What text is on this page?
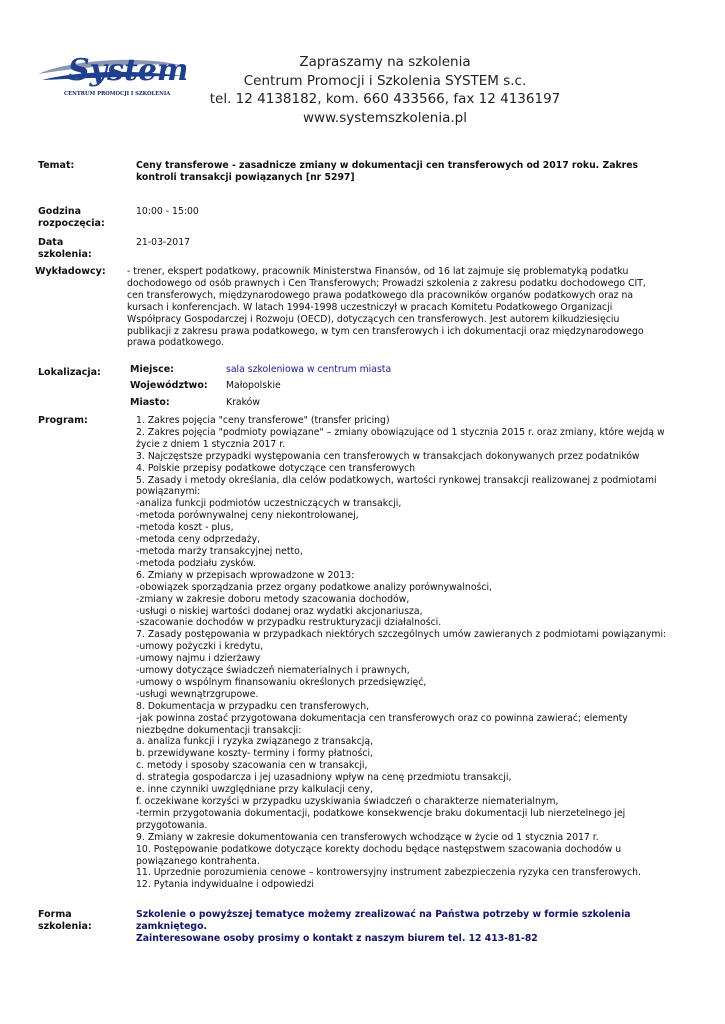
System
CENTRUM PROMOCJI I SZKOLENIA
Zapraszamy na szkolenia
Centrum Promocji i Szkolenia SYSTEM s.c.
tel. 12 4138182, kom. 660 433566, fax 12 4136197
www.systemszkolenia.pl
Temat:	Ceny transferowe - zasadnicze zmiany w dokumentacji cen transferowych od 2017 roku. Zakres
kontroli transakcji powiązanych [nr 5297]
Godzina
rozpoczęcia:
10:00 - 15:00
Data
szkolenia:
21-03-2017
Wykładowcy: - trener, ekspert podatkowy, pracownik Ministerstwa Finansów, od 16 lat zajmuje się problematyką podatku
dochodowego od osób prawnych i Cen Transferowych; Prowadzi szkolenia z zakresu podatku dochodowego CIT,
cen transferowych, międzynarodowego prawa podatkowego dla pracowników organów podatkowych oraz na
kursach i konferencjach. W latach 1994-1998 uczestniczył w pracach Komitetu Podatkowego Organizacji
Współpracy Gospodarczej i Rozwoju (OECD), dotyczących cen transferowych. Jest autorem kilkudziesięciu
publikacji z zakresu prawa podatkowego, w tym cen transferowych i ich dokumentacji oraz międzynarodowego
prawa podatkowego.
Lokalizacja:	Miejsce:	sala szkoleniowa w centrum miasta
Województwo: Małopolskie
Miasto:	Kraków
Program:	1. Zakres pojęcia "ceny transferowe" (transfer pricing)
2. Zakres pojęcia "podmioty powiązane" – zmiany obowiązujące od 1 stycznia 2015 r. oraz zmiany, które wejdą w
życie z dniem 1 stycznia 2017 r.
3. Najczęstsze przypadki występowania cen transferowych w transakcjach dokonywanych przez podatników
4. Polskie przepisy podatkowe dotyczące cen transferowych
5. Zasady i metody określania, dla celów podatkowych, wartości rynkowej transakcji realizowanej z podmiotami
powiązanymi:
-analiza funkcji podmiotów uczestniczących w transakcji,
-metoda porównywalnej ceny niekontrolowanej,
-metoda koszt - plus,
-metoda ceny odprzedaży,
-metoda marży transakcyjnej netto,
-metoda podziału zysków.
6. Zmiany w przepisach wprowadzone w 2013:
-obowiązek sporządzania przez organy podatkowe analizy porównywalności,
-zmiany w zakresie doboru metody szacowania dochodów,
-usługi o niskiej wartości dodanej oraz wydatki akcjonariusza,
-szacowanie dochodów w przypadku restrukturyzacji działalności.
7. Zasady postępowania w przypadkach niektórych szczególnych umów zawieranych z podmiotami powiązanymi:
-umowy pożyczki i kredytu,
-umowy najmu i dzierżawy
-umowy dotyczące świadczeń niematerialnych i prawnych,
-umowy o wspólnym finansowaniu określonych przedsięwzięć,
-usługi wewnątrzgrupowe.
8. Dokumentacja w przypadku cen transferowych,
-jak powinna zostać przygotowana dokumentacja cen transferowych oraz co powinna zawierać; elementy
niezbędne dokumentacji transakcji:
a. analiza funkcji i ryzyka związanego z transakcją,
b. przewidywane koszty- terminy i formy płatności,
c. metody i sposoby szacowania cen w transakcji,
d. strategia gospodarcza i jej uzasadniony wpływ na cenę przedmiotu transakcji,
e. inne czynniki uwzględniane przy kalkulacji ceny,
f. oczekiwane korzyści w przypadku uzyskiwania świadczeń o charakterze niematerialnym,
-termin przygotowania dokumentacji, podatkowe konsekwencje braku dokumentacji lub nierzetelnego jej
przygotowania.
9. Zmiany w zakresie dokumentowania cen transferowych wchodzące w życie od 1 stycznia 2017 r.
10. Postępowanie podatkowe dotyczące korekty dochodu będące następstwem szacowania dochodów u
powiązanego kontrahenta.
11. Uprzednie porozumienia cenowe – kontrowersyjny instrument zabezpieczenia ryzyka cen transferowych.
12. Pytania indywidualne i odpowiedzi
Forma
szkolenia:
Szkolenie o powyższej tematyce możemy zrealizować na Państwa potrzeby w formie szkolenia
zamkniętego.
Zainteresowane osoby prosimy o kontakt z naszym biurem tel. 12 413-81-82
